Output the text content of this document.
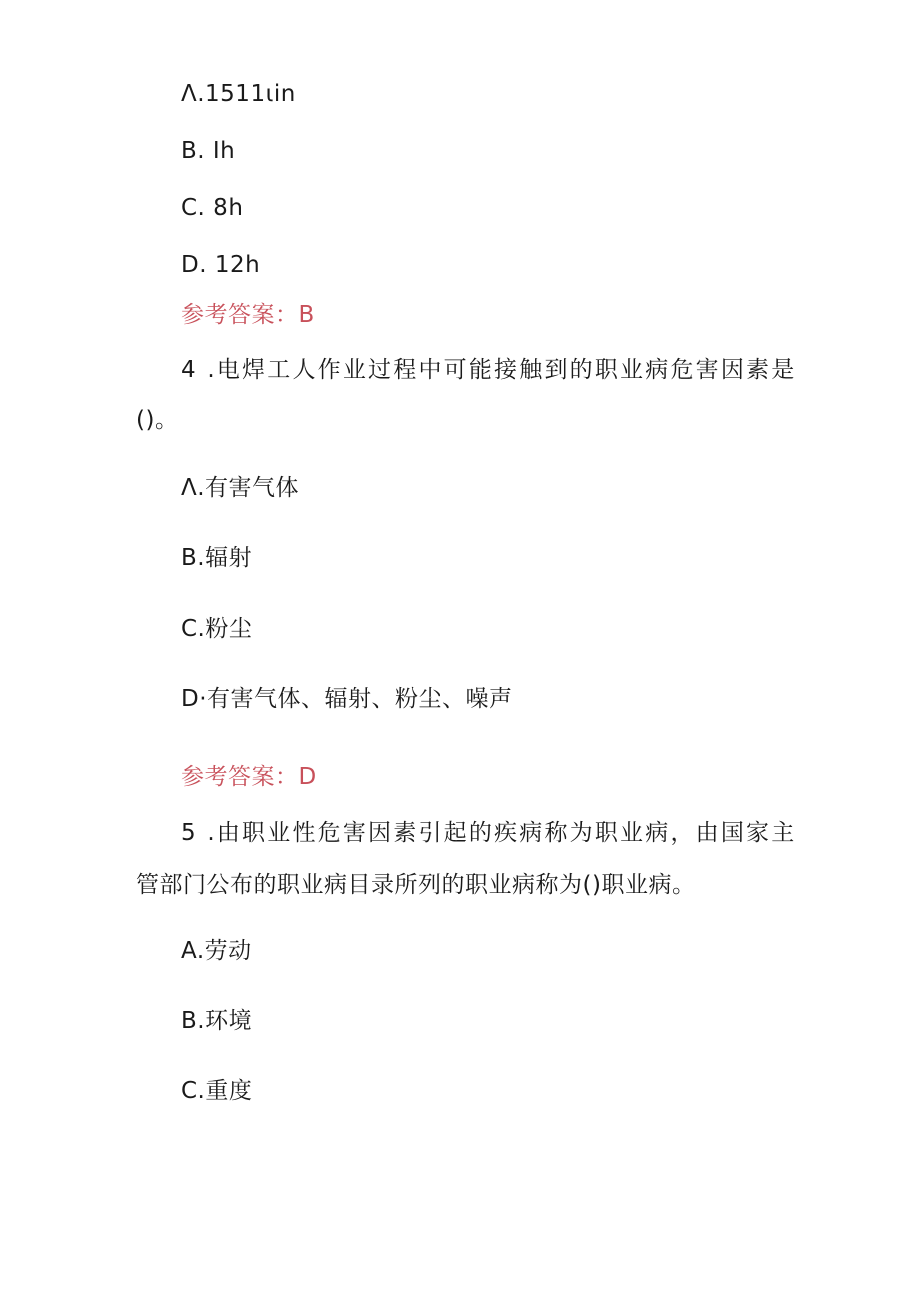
Λ.1511ιin
B. Ih
C. 8h
D. 12h
参考答案：B
4 .电焊工人作业过程中可能接触到的职业病危害因素是
()。
Λ.有害气体
B.辐射
C.粉尘
D·有害气体、辐射、粉尘、噪声
参考答案：D
5 .由职业性危害因素引起的疾病称为职业病，由国家主
管部门公布的职业病目录所列的职业病称为()职业病。
A.劳动
B.环境
C.重度
